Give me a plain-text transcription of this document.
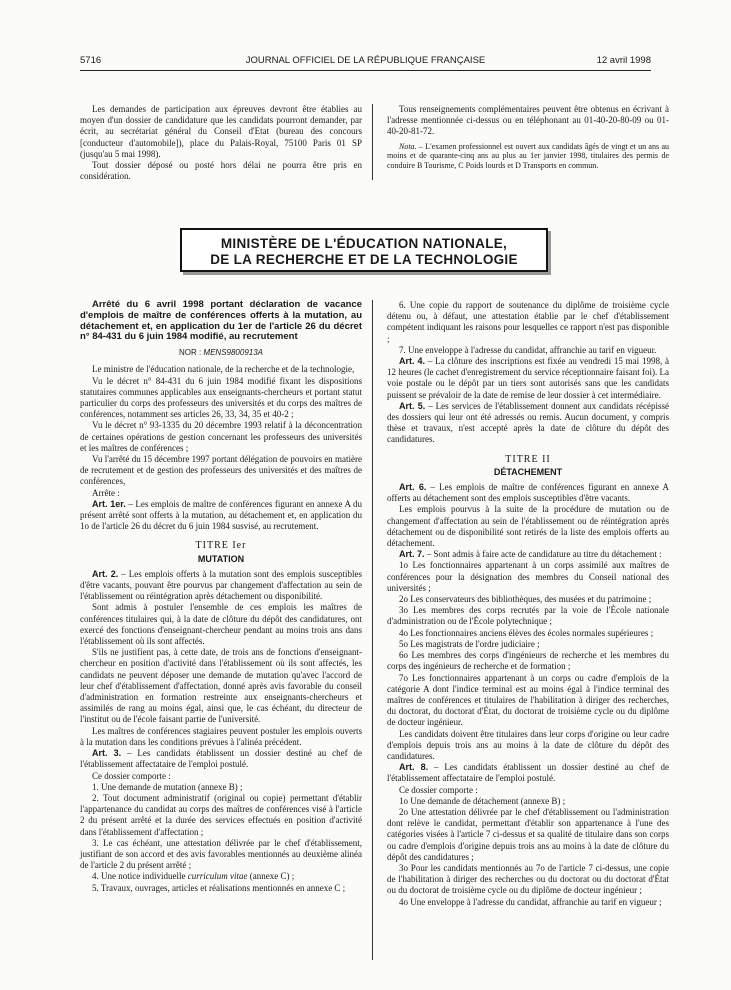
5716	JOURNAL OFFICIEL DE LA RÉPUBLIQUE FRANÇAISE	12 avril 1998

Les demandes de participation aux épreuves devront être établies au moyen d'un dossier de candidature que les candidats pourront demander, par écrit, au secrétariat général du Conseil d'Etat (bureau des concours [conducteur d'automobile]), place du Palais-Royal, 75100 Paris 01 SP (jusqu'au 5 mai 1998).

Tout dossier déposé ou posté hors délai ne pourra être pris en considération.

Tous renseignements complémentaires peuvent être obtenus en écrivant à l'adresse mentionnée ci-dessus ou en téléphonant au 01-40-20-80-09 ou 01-40-20-81-72.

Nota. – L'examen professionnel est ouvert aux candidats âgés de vingt et un ans au moins et de quarante-cinq ans au plus au 1er janvier 1998, titulaires des permis de conduire B Tourisme, C Poids lourds et D Transports en commun.

MINISTÈRE DE L'ÉDUCATION NATIONALE,
DE LA RECHERCHE ET DE LA TECHNOLOGIE

Arrêté du 6 avril 1998 portant déclaration de vacance d'emplois de maître de conférences offerts à la mutation, au détachement et, en application du 1er de l'article 26 du décret n° 84-431 du 6 juin 1984 modifié, au recrutement

NOR : MENS9800913A

Le ministre de l'éducation nationale, de la recherche et de la technologie,

Vu le décret n° 84-431 du 6 juin 1984 modifié fixant les dispositions statutaires communes applicables aux enseignants-chercheurs et portant statut particulier du corps des professeurs des universités et du corps des maîtres de conférences, notamment ses articles 26, 33, 34, 35 et 40-2 ;

Vu le décret n° 93-1335 du 20 décembre 1993 relatif à la déconcentration de certaines opérations de gestion concernant les professeurs des universités et les maîtres de conférences ;

Vu l'arrêté du 15 décembre 1997 portant délégation de pouvoirs en matière de recrutement et de gestion des professeurs des universités et des maîtres de conférences,

Arrête :

Art. 1er. – Les emplois de maître de conférences figurant en annexe A du présent arrêté sont offerts à la mutation, au détachement et, en application du 1o de l'article 26 du décret du 6 juin 1984 susvisé, au recrutement.

TITRE Ier
MUTATION

Art. 2. – Les emplois offerts à la mutation sont des emplois susceptibles d'être vacants, pouvant être pourvus par changement d'affectation au sein de l'établissement ou réintégration après détachement ou disponibilité.

Sont admis à postuler l'ensemble de ces emplois les maîtres de conférences titulaires qui, à la date de clôture du dépôt des candidatures, ont exercé des fonctions d'enseignant-chercheur pendant au moins trois ans dans l'établissement où ils sont affectés.

S'ils ne justifient pas, à cette date, de trois ans de fonctions d'enseignant-chercheur en position d'activité dans l'établissement où ils sont affectés, les candidats ne peuvent déposer une demande de mutation qu'avec l'accord de leur chef d'établissement d'affectation, donné après avis favorable du conseil d'administration en formation restreinte aux enseignants-chercheurs et assimilés de rang au moins égal, ainsi que, le cas échéant, du directeur de l'institut ou de l'école faisant partie de l'université.

Les maîtres de conférences stagiaires peuvent postuler les emplois ouverts à la mutation dans les conditions prévues à l'alinéa précédent.

Art. 3. – Les candidats établissent un dossier destiné au chef de l'établissement affectataire de l'emploi postulé.

Ce dossier comporte :

1. Une demande de mutation (annexe B) ;

2. Tout document administratif (original ou copie) permettant d'établir l'appartenance du candidat au corps des maîtres de conférences visé à l'article 2 du présent arrêté et la durée des services effectués en position d'activité dans l'établissement d'affectation ;

3. Le cas échéant, une attestation délivrée par le chef d'établissement, justifiant de son accord et des avis favorables mentionnés au deuxième alinéa de l'article 2 du présent arrêté ;

4. Une notice individuelle curriculum vitae (annexe C) ;

5. Travaux, ouvrages, articles et réalisations mentionnés en annexe C ;

6. Une copie du rapport de soutenance du diplôme de troisième cycle détenu ou, à défaut, une attestation établie par le chef d'établissement compétent indiquant les raisons pour lesquelles ce rapport n'est pas disponible ;

7. Une enveloppe à l'adresse du candidat, affranchie au tarif en vigueur.

Art. 4. – La clôture des inscriptions est fixée au vendredi 15 mai 1998, à 12 heures (le cachet d'enregistrement du service réceptionnaire faisant foi). La voie postale ou le dépôt par un tiers sont autorisés sans que les candidats puissent se prévaloir de la date de remise de leur dossier à cet intermédiaire.

Art. 5. – Les services de l'établissement donnent aux candidats récépissé des dossiers qui leur ont été adressés ou remis. Aucun document, y compris thèse et travaux, n'est accepté après la date de clôture du dépôt des candidatures.

TITRE II
DÉTACHEMENT

Art. 6. – Les emplois de maître de conférences figurant en annexe A offerts au détachement sont des emplois susceptibles d'être vacants.

Les emplois pourvus à la suite de la procédure de mutation ou de changement d'affectation au sein de l'établissement ou de réintégration après détachement ou de disponibilité sont retirés de la liste des emplois offerts au détachement.

Art. 7. – Sont admis à faire acte de candidature au titre du détachement :

1o Les fonctionnaires appartenant à un corps assimilé aux maîtres de conférences pour la désignation des membres du Conseil national des universités ;

2o Les conservateurs des bibliothèques, des musées et du patrimoine ;

3o Les membres des corps recrutés par la voie de l'École nationale d'administration ou de l'École polytechnique ;

4o Les fonctionnaires anciens élèves des écoles normales supérieures ;

5o Les magistrats de l'ordre judiciaire ;

6o Les membres des corps d'ingénieurs de recherche et les membres du corps des ingénieurs de recherche et de formation ;

7o Les fonctionnaires appartenant à un corps ou cadre d'emplois de la catégorie A dont l'indice terminal est au moins égal à l'indice terminal des maîtres de conférences et titulaires de l'habilitation à diriger des recherches, du doctorat, du doctorat d'État, du doctorat de troisième cycle ou du diplôme de docteur ingénieur.

Les candidats doivent être titulaires dans leur corps d'origine ou leur cadre d'emplois depuis trois ans au moins à la date de clôture du dépôt des candidatures.

Art. 8. – Les candidats établissent un dossier destiné au chef de l'établissement affectataire de l'emploi postulé.

Ce dossier comporte :

1o Une demande de détachement (annexe B) ;

2o Une attestation délivrée par le chef d'établissement ou l'administration dont relève le candidat, permettant d'établir son appartenance à l'une des catégories visées à l'article 7 ci-dessus et sa qualité de titulaire dans son corps ou cadre d'emplois d'origine depuis trois ans au moins à la date de clôture du dépôt des candidatures ;

3o Pour les candidats mentionnés au 7o de l'article 7 ci-dessus, une copie de l'habilitation à diriger des recherches ou du doctorat ou du doctorat d'État ou du doctorat de troisième cycle ou du diplôme de docteur ingénieur ;

4o Une enveloppe à l'adresse du candidat, affranchie au tarif en vigueur ;
